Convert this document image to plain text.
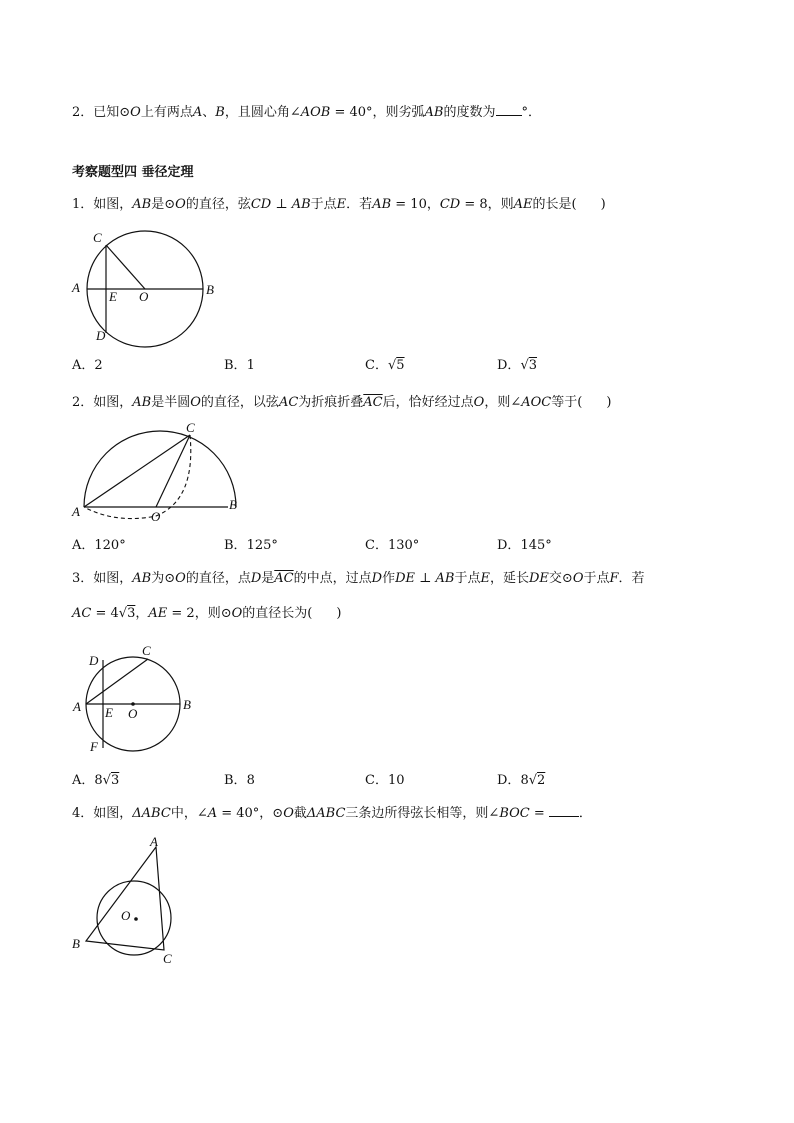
2．已知⊙O上有两点A、B，且圆心角∠AOB = 40°，则劣弧AB的度数为 °．
考察题型四 垂径定理
1．如图，AB是⊙O的直径，弦CD ⊥ AB于点E．若AB = 10，CD = 8，则AE的长是( )
C
A
E O	B
D
A．2	B．1	C．√5	D．√3
2．如图，AB是半圆O的直径，以弦AC为折痕折叠$\overline{AC}$后，恰好经过点O，则∠AOC等于( )
C
A	O
B
A．120°	B．125°	C．130°	D．145°
3．如图，AB为⊙O的直径，点D是$\overline{AC}$的中点，过点D作DE ⊥ AB于点E，延长DE交⊙O于点F．若
AC = 4√3，AE = 2，则⊙O的直径长为( )
D
C
A E O
B
F
A．8√3	B．8	C．10	D．8√2
4．如图，ΔABC中，∠A = 40°，⊙O截ΔABC三条边所得弦长相等，则∠BOC = ．
A
O
B
C
